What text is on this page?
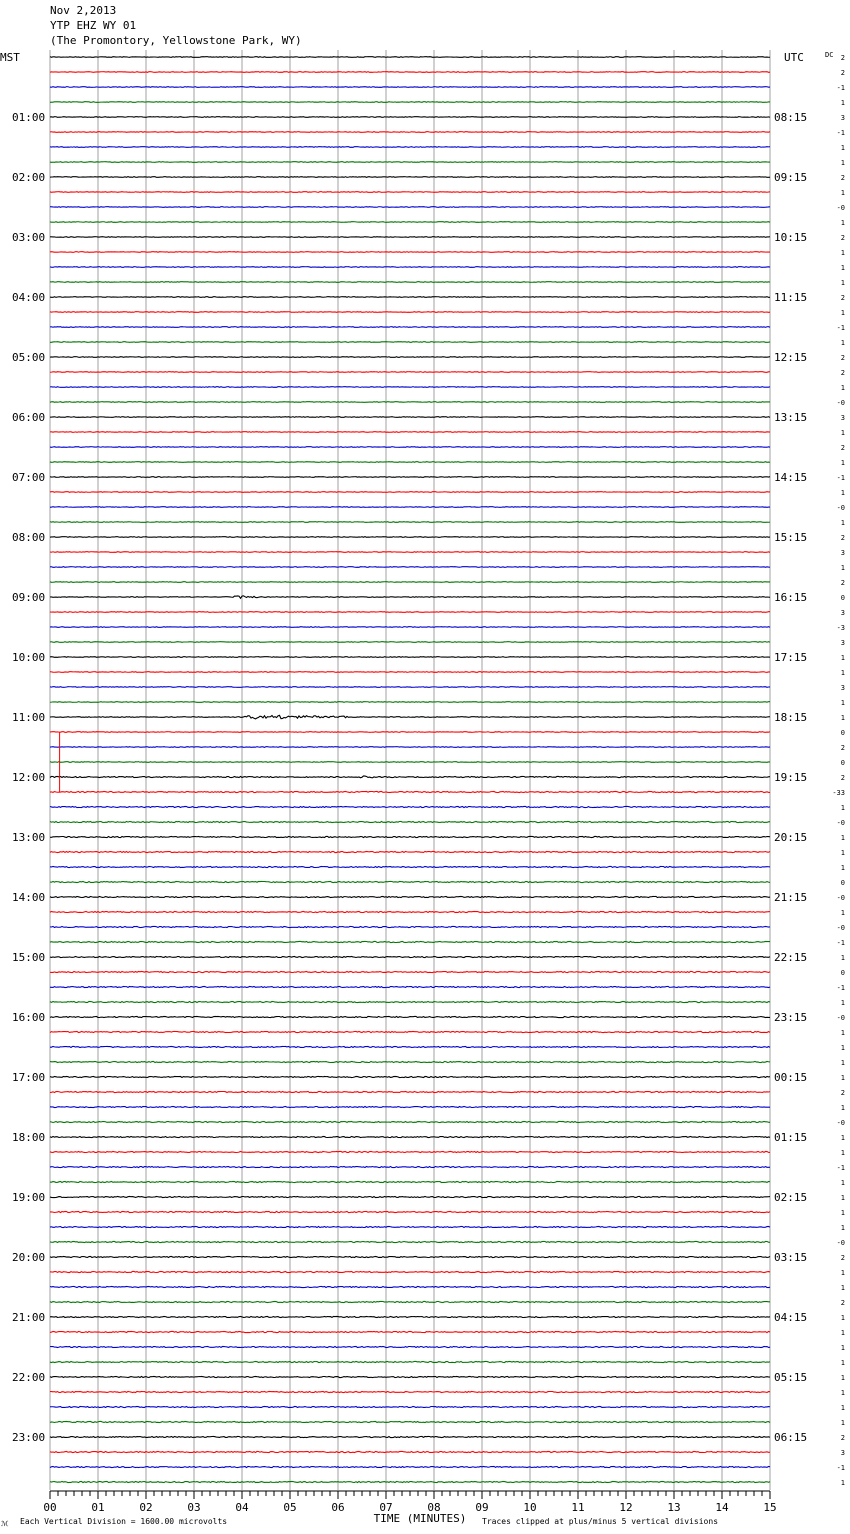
Nov 2,2013
YTP EHZ WY 01
(The Promontory, Yellowstone Park, WY)
MST	UTC	DC
01:00
02:00
03:00
04:00
05:00
06:00
07:00
08:00
09:00
10:00
11:00
12:00
13:00
14:00
15:00
16:00
17:00
18:00
19:00
20:00
21:00
22:00
23:00
08:15
09:15
10:15
11:15
12:15
13:15
14:15
15:15
16:15
17:15
18:15
19:15
20:15
21:15
22:15
23:15
00:15
01:15
02:15
03:15
04:15
05:15
06:15
2
2
-1
1
3
-1
1
1
2
1
-0
1
2
1
1
1
2
1
-1
1
2
2
1
-0
3
1
2
1
-1
1
-0
1
2
3
1
2
0
3
-3
3
1
1
3
1
1
0
2
0
2
-33
1
-0
1
1
1
0
-0
1
-0
-1
1
0
-1
1
-0
1
1
1
1
2
1
-0
1
1
-1
1
1
1
1
-0
2
1
1
2
1
1
1
1
1
1
1
1
2
3
-1
1
00	01	02	03	04	05	06	07	08	09	10	11	12	13	14	15
TIME (MINUTES)
Each Vertical Division = 1600.00 microvolts	Traces clipped at plus/minus 5 vertical divisions
ℳ
